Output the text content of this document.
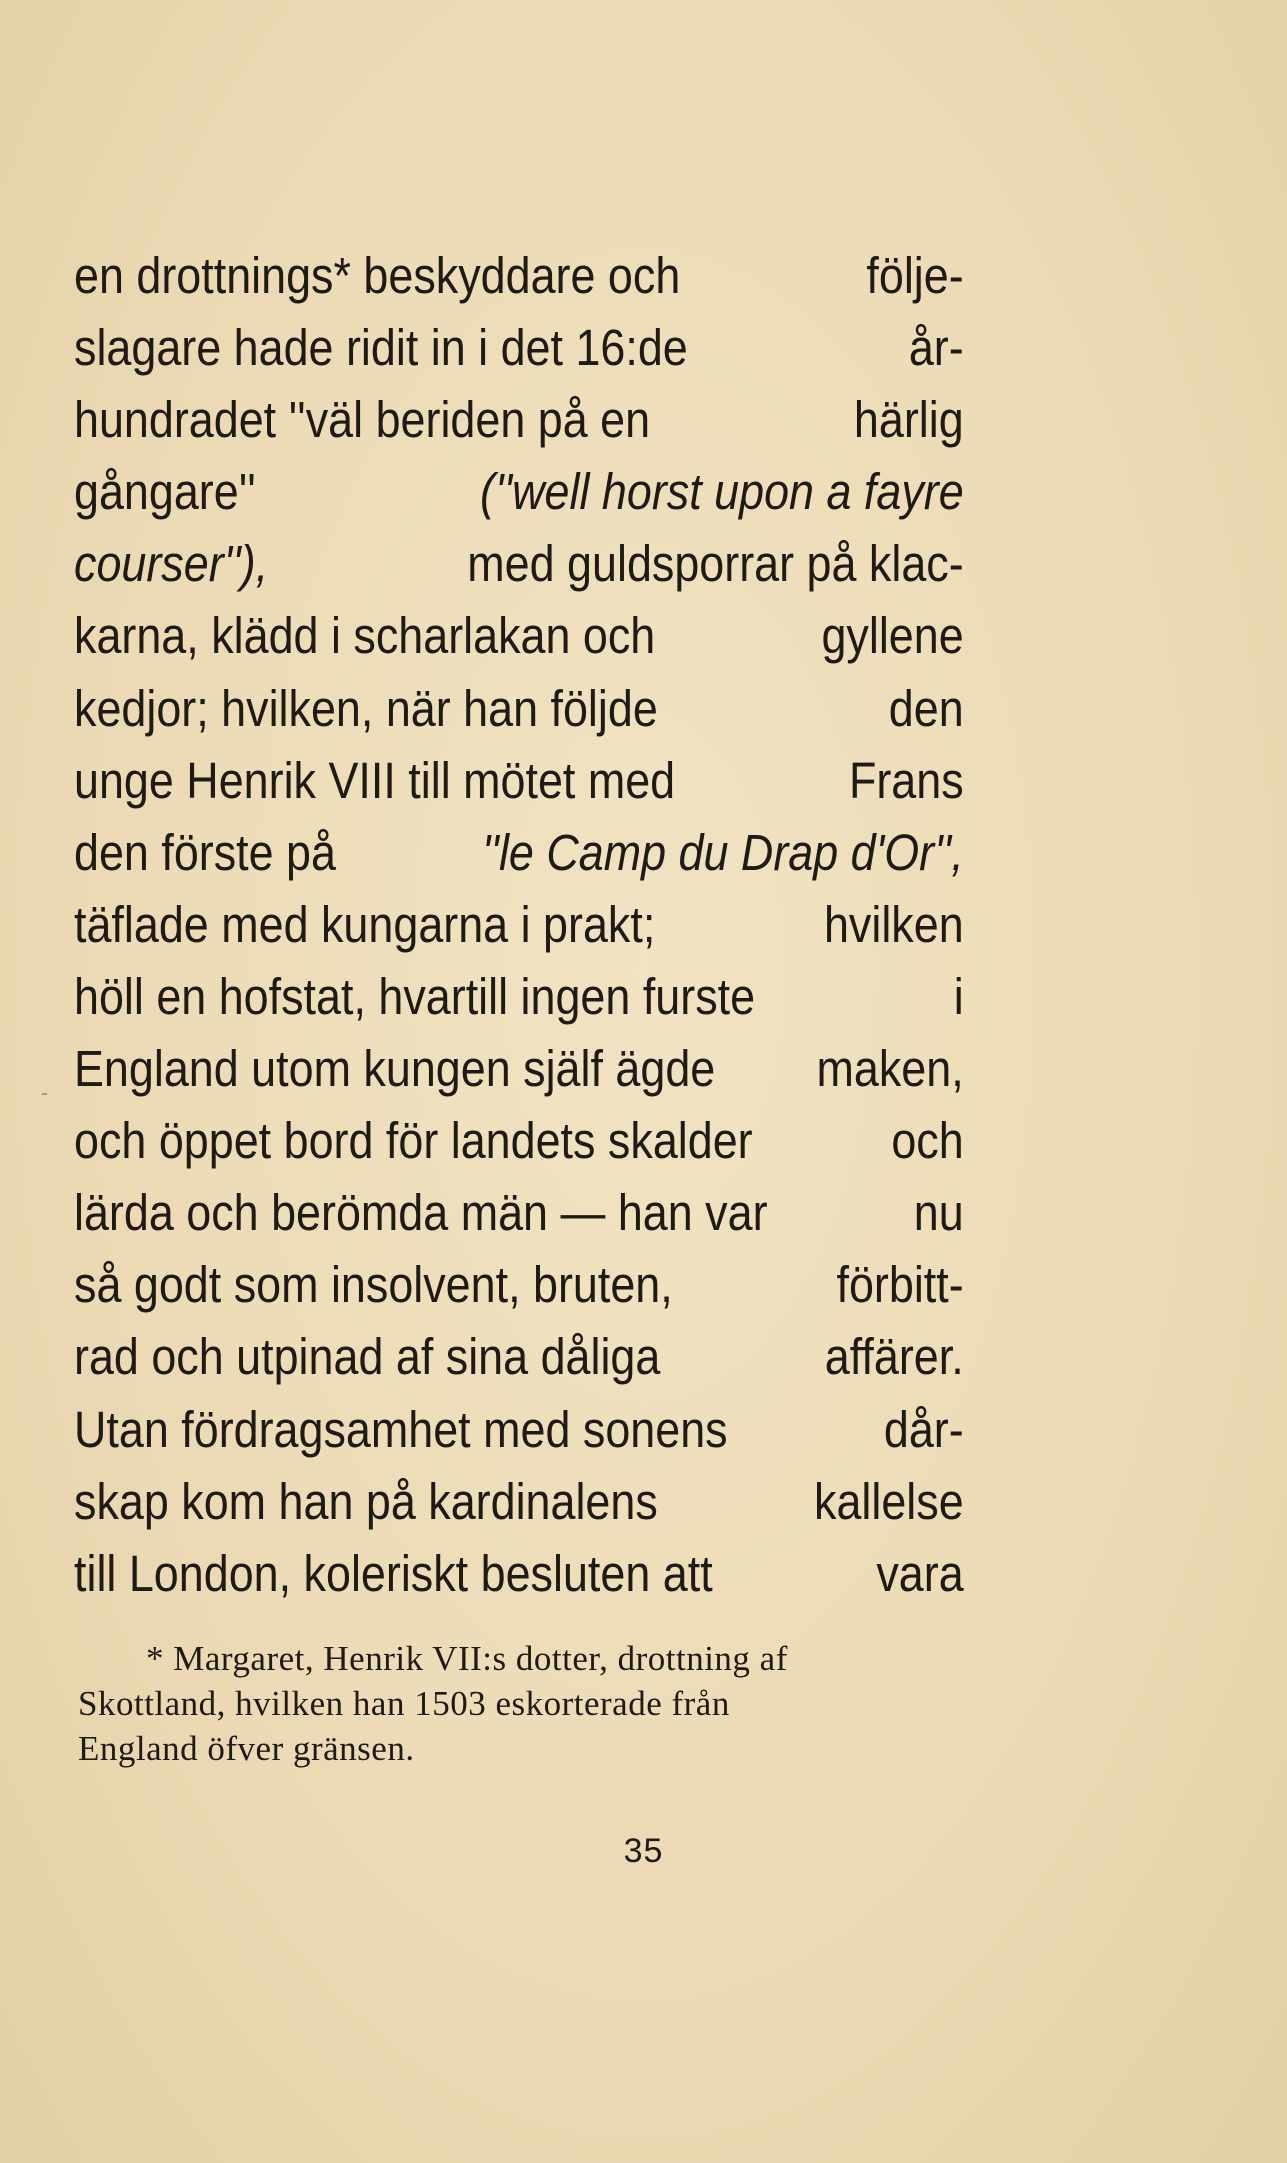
en drottnings* beskyddare och	följe-
slagare hade ridit in i det 16:de	år-
hundradet ''väl beriden på en	härlig
gångare''	(''well horst upon a fayre
courser''),	med guldsporrar på klac-
karna, klädd i scharlakan och	gyllene
kedjor; hvilken, när han följde	den
unge Henrik VIII till mötet med	Frans
den förste på	''le Camp du Drap d'Or'',
täflade med kungarna i prakt;	hvilken
höll en hofstat, hvartill ingen furste	i
England utom kungen själf ägde maken,
och öppet bord för landets skalder	och
lärda och berömda män — han var	nu
så godt som insolvent, bruten,	förbitt-
rad och utpinad af sina dåliga	affärer.
Utan fördragsamhet med sonens	dår-
skap kom han på kardinalens	kallelse
till London, koleriskt besluten att	vara
* Margaret, Henrik VII:s dotter, drottning af
Skottland, hvilken han 1503 eskorterade från
England öfver gränsen.
35
